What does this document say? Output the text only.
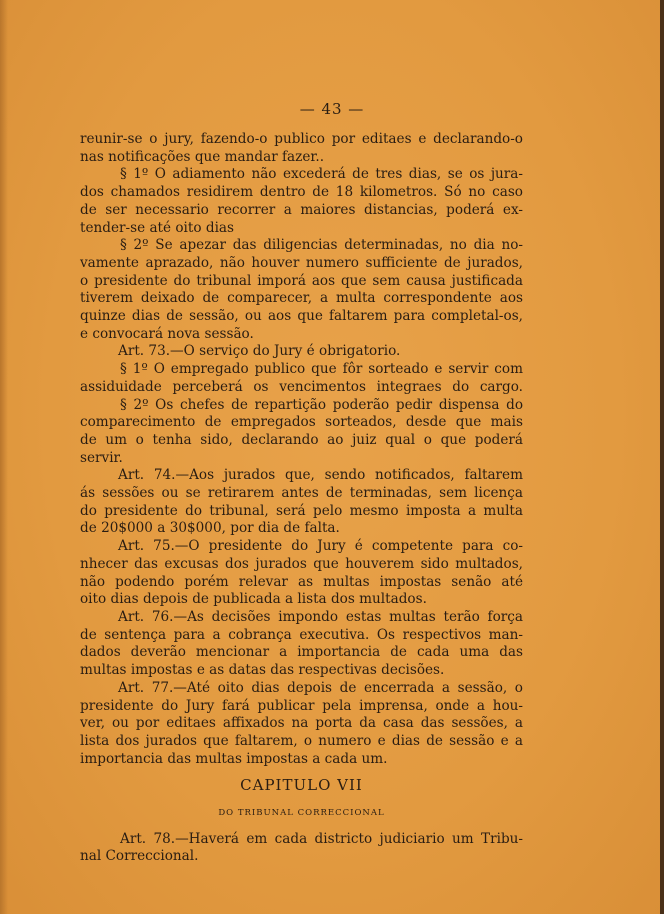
— 43 —
reunir-se o jury, fazendo-o publico por editaes e declarando-o
nas notificações que mandar fazer..
§ 1º O adiamento não excederá de tres dias, se os jura-
dos chamados residirem dentro de 18 kilometros. Só no caso
de ser necessario recorrer a maiores distancias, poderá ex-
tender-se até oito dias
§ 2º Se apezar das diligencias determinadas, no dia no-
vamente aprazado, não houver numero sufficiente de jurados,
o presidente do tribunal imporá aos que sem causa justificada
tiverem deixado de comparecer, a multa correspondente aos
quinze dias de sessão, ou aos que faltarem para completal-os,
e convocará nova sessão.
Art. 73.—O serviço do Jury é obrigatorio.
§ 1º O empregado publico que fôr sorteado e servir com
assiduidade perceberá os vencimentos integraes do cargo.
§ 2º Os chefes de repartição poderão pedir dispensa do
comparecimento de empregados sorteados, desde que mais
de um o tenha sido, declarando ao juiz qual o que poderá
servir.
Art. 74.—Aos jurados que, sendo notificados, faltarem
ás sessões ou se retirarem antes de terminadas, sem licença
do presidente do tribunal, será pelo mesmo imposta a multa
de 20$000 a 30$000, por dia de falta.
Art. 75.—O presidente do Jury é competente para co-
nhecer das excusas dos jurados que houverem sido multados,
não podendo porém relevar as multas impostas senão até
oito dias depois de publicada a lista dos multados.
Art. 76.—As decisões impondo estas multas terão força
de sentença para a cobrança executiva. Os respectivos man-
dados deverão mencionar a importancia de cada uma das
multas impostas e as datas das respectivas decisões.
Art. 77.—Até oito dias depois de encerrada a sessão, o
presidente do Jury fará publicar pela imprensa, onde a hou-
ver, ou por editaes affixados na porta da casa das sessões, a
lista dos jurados que faltarem, o numero e dias de sessão e a
importancia das multas impostas a cada um.
CAPITULO VII
DO TRIBUNAL CORRECCIONAL
Art. 78.—Haverá em cada districto judiciario um Tribu-
nal Correccional.
